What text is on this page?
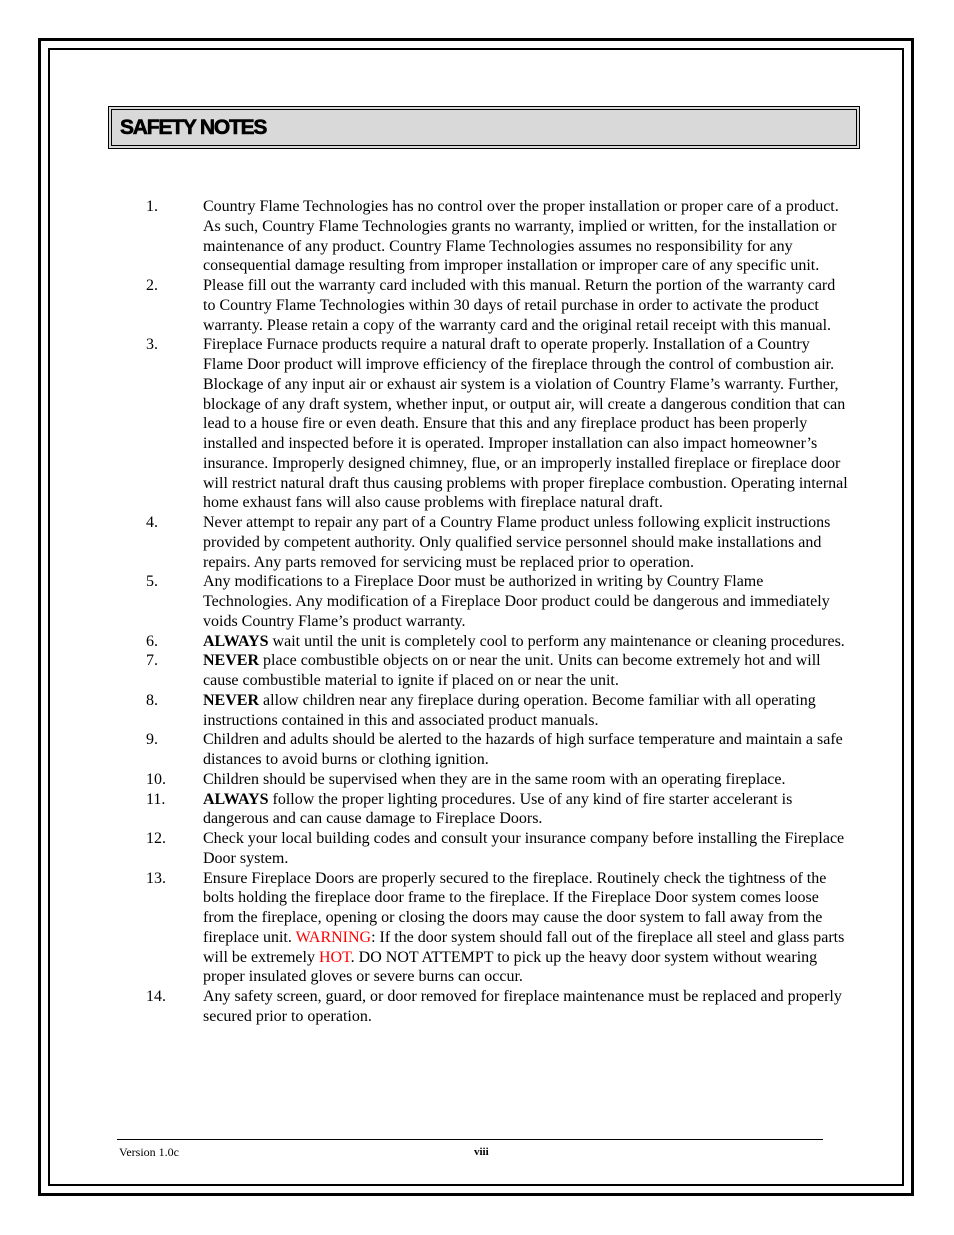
SAFETY NOTES
1.	Country Flame Technologies has no control over the proper installation or proper care of a product. As such, Country Flame Technologies grants no warranty, implied or written, for the installation or maintenance of any product. Country Flame Technologies assumes no responsibility for any consequential damage resulting from improper installation or improper care of any specific unit.
2.	Please fill out the warranty card included with this manual. Return the portion of the warranty card to Country Flame Technologies within 30 days of retail purchase in order to activate the product warranty. Please retain a copy of the warranty card and the original retail receipt with this manual.
3.	Fireplace Furnace products require a natural draft to operate properly. Installation of a Country Flame Door product will improve efficiency of the fireplace through the control of combustion air. Blockage of any input air or exhaust air system is a violation of Country Flame’s warranty. Further, blockage of any draft system, whether input, or output air, will create a dangerous condition that can lead to a house fire or even death. Ensure that this and any fireplace product has been properly installed and inspected before it is operated. Improper installation can also impact homeowner’s insurance. Improperly designed chimney, flue, or an improperly installed fireplace or fireplace door will restrict natural draft thus causing problems with proper fireplace combustion. Operating internal home exhaust fans will also cause problems with fireplace natural draft.
4.	Never attempt to repair any part of a Country Flame product unless following explicit instructions provided by competent authority. Only qualified service personnel should make installations and repairs. Any parts removed for servicing must be replaced prior to operation.
5.	Any modifications to a Fireplace Door must be authorized in writing by Country Flame Technologies. Any modification of a Fireplace Door product could be dangerous and immediately voids Country Flame’s product warranty.
6.	ALWAYS wait until the unit is completely cool to perform any maintenance or cleaning procedures.
7.	NEVER place combustible objects on or near the unit. Units can become extremely hot and will cause combustible material to ignite if placed on or near the unit.
8.	NEVER allow children near any fireplace during operation. Become familiar with all operating instructions contained in this and associated product manuals.
9.	Children and adults should be alerted to the hazards of high surface temperature and maintain a safe distances to avoid burns or clothing ignition.
10.	Children should be supervised when they are in the same room with an operating fireplace.
11.	ALWAYS follow the proper lighting procedures. Use of any kind of fire starter accelerant is dangerous and can cause damage to Fireplace Doors.
12.	Check your local building codes and consult your insurance company before installing the Fireplace Door system.
13.	Ensure Fireplace Doors are properly secured to the fireplace. Routinely check the tightness of the bolts holding the fireplace door frame to the fireplace. If the Fireplace Door system comes loose from the fireplace, opening or closing the doors may cause the door system to fall away from the fireplace unit. WARNING: If the door system should fall out of the fireplace all steel and glass parts will be extremely HOT. DO NOT ATTEMPT to pick up the heavy door system without wearing proper insulated gloves or severe burns can occur.
14.	Any safety screen, guard, or door removed for fireplace maintenance must be replaced and properly secured prior to operation.
Version 1.0c	viii
